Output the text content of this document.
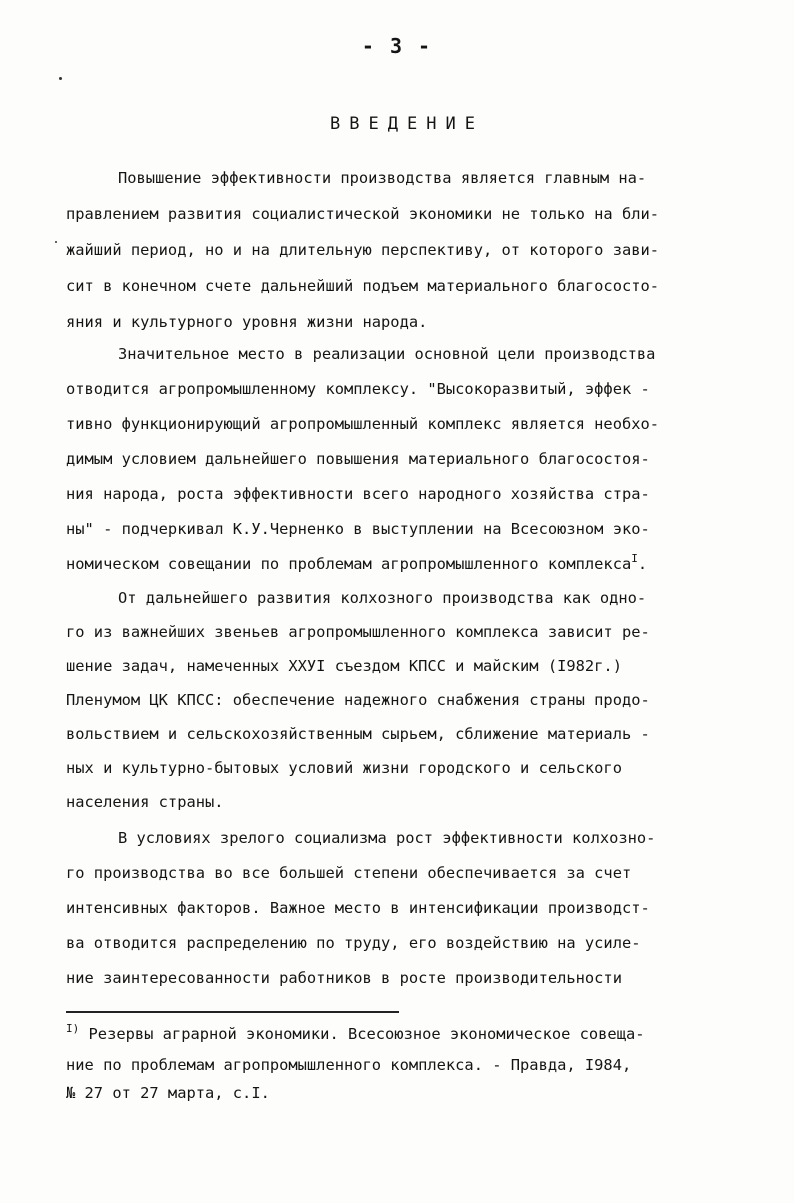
- 3 -
ВВЕДЕНИЕ
Повышение эффективности производства является главным на-
правлением развития социалистической экономики не только на бли-
жайший период, но и на длительную перспективу, от которого зави-
сит в конечном счете дальнейший подъем материального благососто-
яния и культурного уровня жизни народа.
Значительное место в реализации основной цели производства
отводится агропромышленному комплексу. "Высокоразвитый, эффек -
тивно функционирующий агропромышленный комплекс является необхо-
димым условием дальнейшего повышения материального благосостоя-
ния народа, роста эффективности всего народного хозяйства стра-
ны" - подчеркивал К.У.Черненко в выступлении на Всесоюзном эко-
номическом совещании по проблемам агропромышленного комплекса$^I$.
От дальнейшего развития колхозного производства как одно-
го из важнейших звеньев агропромышленного комплекса зависит ре-
шение задач, намеченных ХХУI съездом КПСС и майским (I982г.)
Пленумом ЦК КПСС: обеспечение надежного снабжения страны продо-
вольствием и сельскохозяйственным сырьем, сближение материаль -
ных и культурно-бытовых условий жизни городского и сельского
населения страны.
В условиях зрелого социализма рост эффективности колхозно-
го производства во все большей степени обеспечивается за счет
интенсивных факторов. Важное место в интенсификации производст-
ва отводится распределению по труду, его воздействию на усиле-
ние заинтересованности работников в росте производительности
$^{I)}$ Резервы аграрной экономики. Всесоюзное экономическое совеща-
ние по проблемам агропромышленного комплекса. - Правда, I984,
№ 27 от 27 марта, с.I.
